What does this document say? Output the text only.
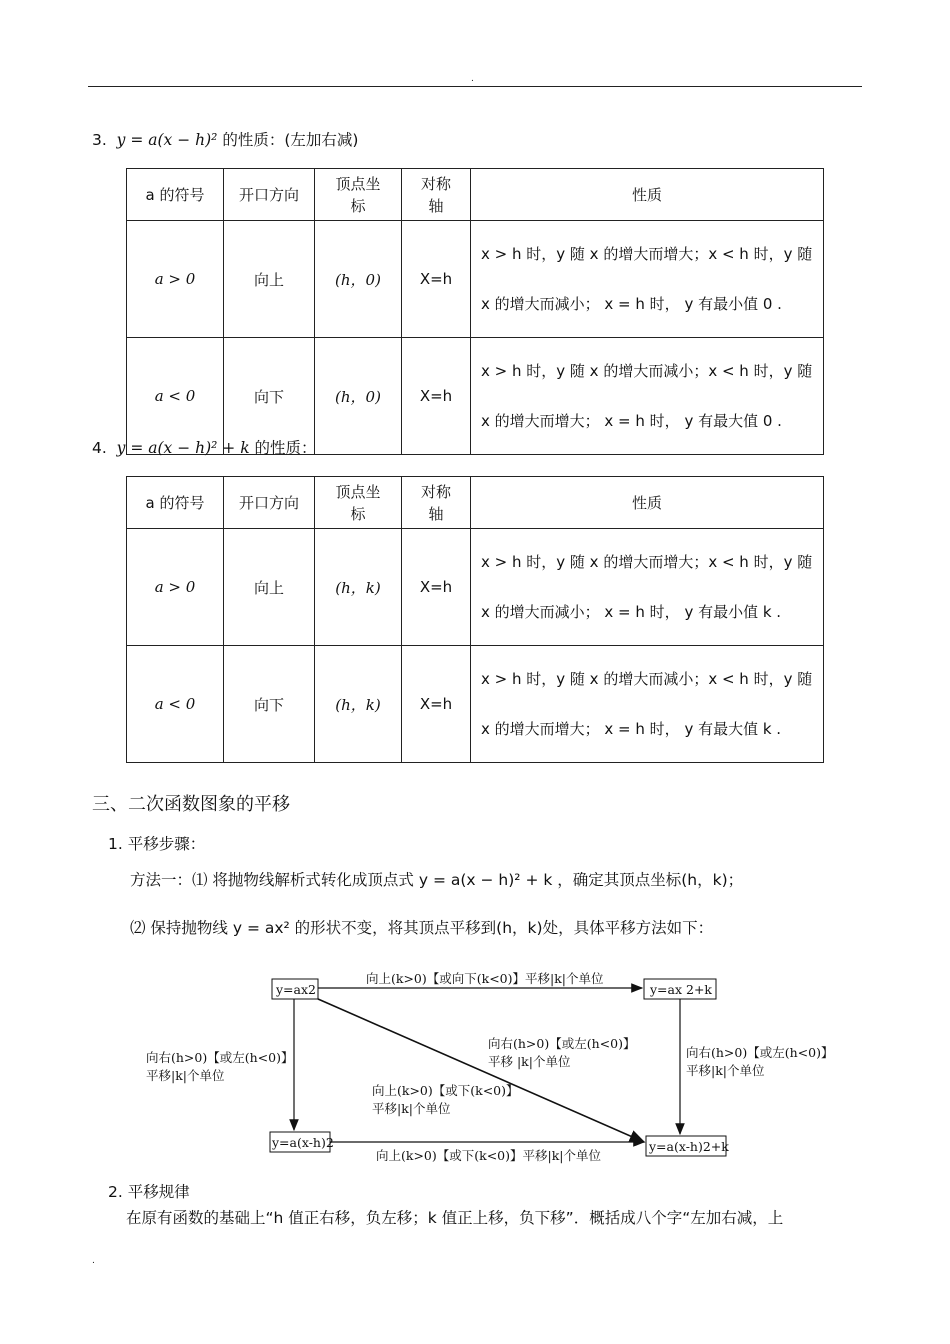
.
3. y = a(x − h)² 的性质：(左加右减)
a 的符号	开口方向	顶点坐标	对称轴	性质
a > 0	向上	(h，0)	X=h	x > h 时，y 随 x 的增大而增大；x < h 时，y 随
x 的增大而减小； x = h 时， y 有最小值 0 .

a < 0	向下	(h，0)	X=h	x > h 时，y 随 x 的增大而减小；x < h 时，y 随
x 的增大而增大； x = h 时， y 有最大值 0 .
4. y = a(x − h)² + k 的性质：
a 的符号	开口方向	顶点坐标	对称轴	性质
a > 0	向上	(h，k)	X=h	x > h 时，y 随 x 的增大而增大；x < h 时，y 随
x 的增大而减小； x = h 时， y 有最小值 k .

a < 0	向下	(h，k)	X=h	x > h 时，y 随 x 的增大而减小；x < h 时，y 随
x 的增大而增大； x = h 时， y 有最大值 k .
三、二次函数图象的平移
1. 平移步骤：
方法一：⑴ 将抛物线解析式转化成顶点式 y = a(x − h)² + k ，确定其顶点坐标(h，k)；
⑵ 保持抛物线 y = ax² 的形状不变，将其顶点平移到(h，k)处，具体平移方法如下：
y=ax2	y=ax 2+k
y=a(x-h)2	y=a(x-h)2+k
向上(k>0)【或向下(k<0)】平移|k|个单位
向上(k>0)【或下(k<0)】平移|k|个单位
向右(h>0)【或左(h<0)】
平移|k|个单位
向右(h>0)【或左(h<0)】
平移|k|个单位
向右(h>0)【或左(h<0)】
平移 |k|个单位
向上(k>0)【或下(k<0)】
平移|k|个单位
2. 平移规律
在原有函数的基础上“h 值正右移，负左移；k 值正上移，负下移”．概括成八个字“左加右减，上
.
